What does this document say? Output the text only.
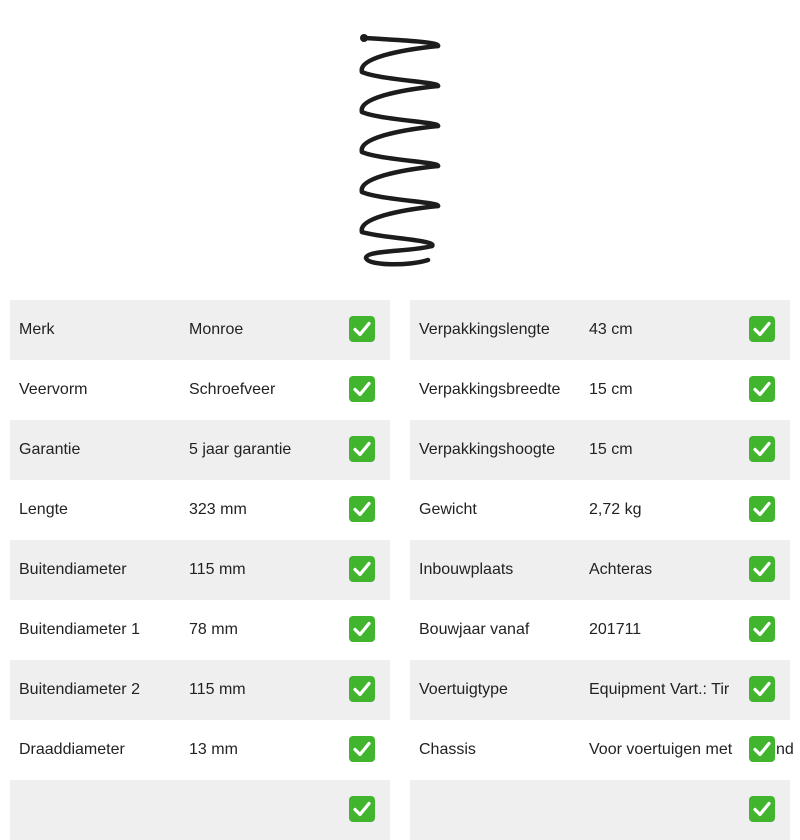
Merk	Monroe
Veervorm	Schroefveer
Garantie	5 jaar garantie
Lengte	323 mm
Buitendiameter	115 mm
Buitendiameter 1	78 mm
Buitendiameter 2	115 mm
Draaddiameter	13 mm
Verpakkingslengte 43 cm
Verpakkingsbreedte 15 cm
Verpakkingshoogte 15 cm
Gewicht	2,72 kg
Inbouwplaats	Achteras
Bouwjaar vanaf	201711
Voertuigtype	Equipment Vart.: Tir
Chassis	Voor voertuigen met	nd
